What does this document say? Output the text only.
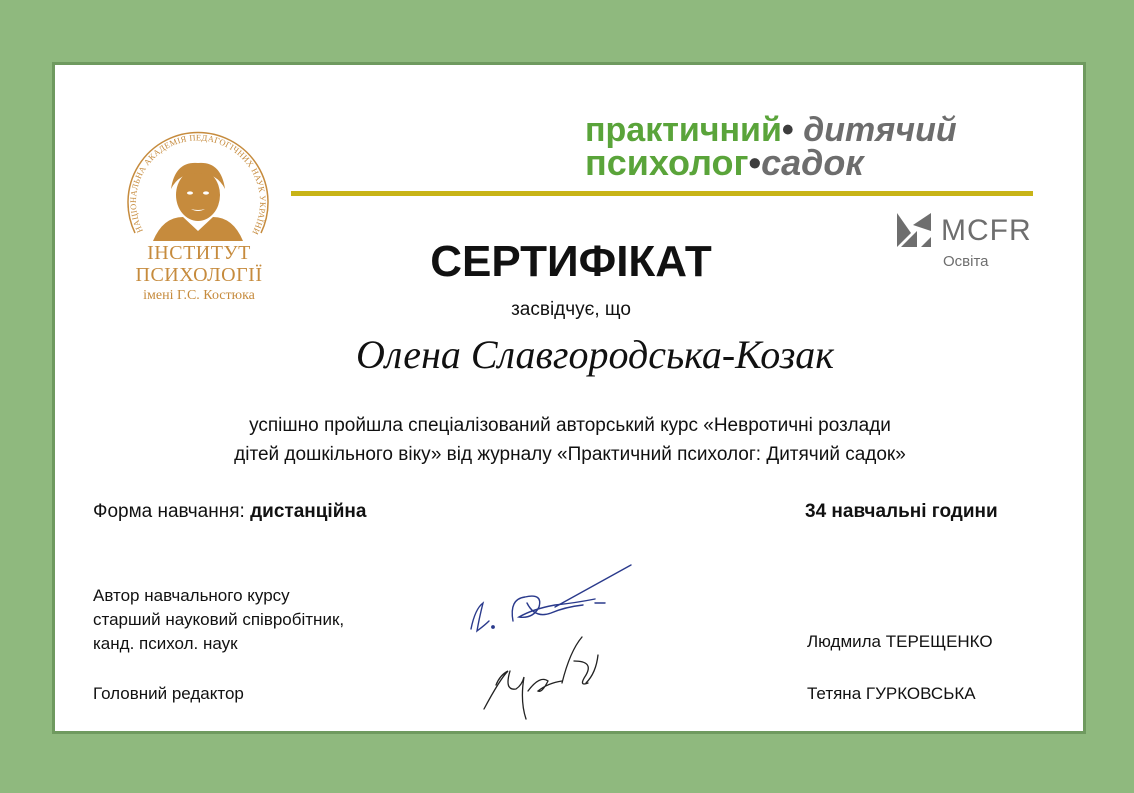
НАЦІОНАЛЬНА АКАДЕМІЯ ПЕДАГОГІЧНИХ НАУК УКРАЇНИ
ІНСТИТУТ
ПСИХОЛОГІЇ
імені Г.С. Костюка
практичний• дитячий
психолог•садок
MCFR
Освіта
СЕРТИФІКАТ
засвідчує, що
Олена Славгородська-Козак
успішно пройшла спеціалізований авторський курс «Невротичні розлади
дітей дошкільного віку» від журналу «Практичний психолог: Дитячий садок»
Форма навчання: дистанційна	34 навчальні години
Автор навчального курсу
старший науковий співробітник,
канд. психол. наук	Людмила ТЕРЕЩЕНКО
Головний редактор	Тетяна ГУРКОВСЬКА
